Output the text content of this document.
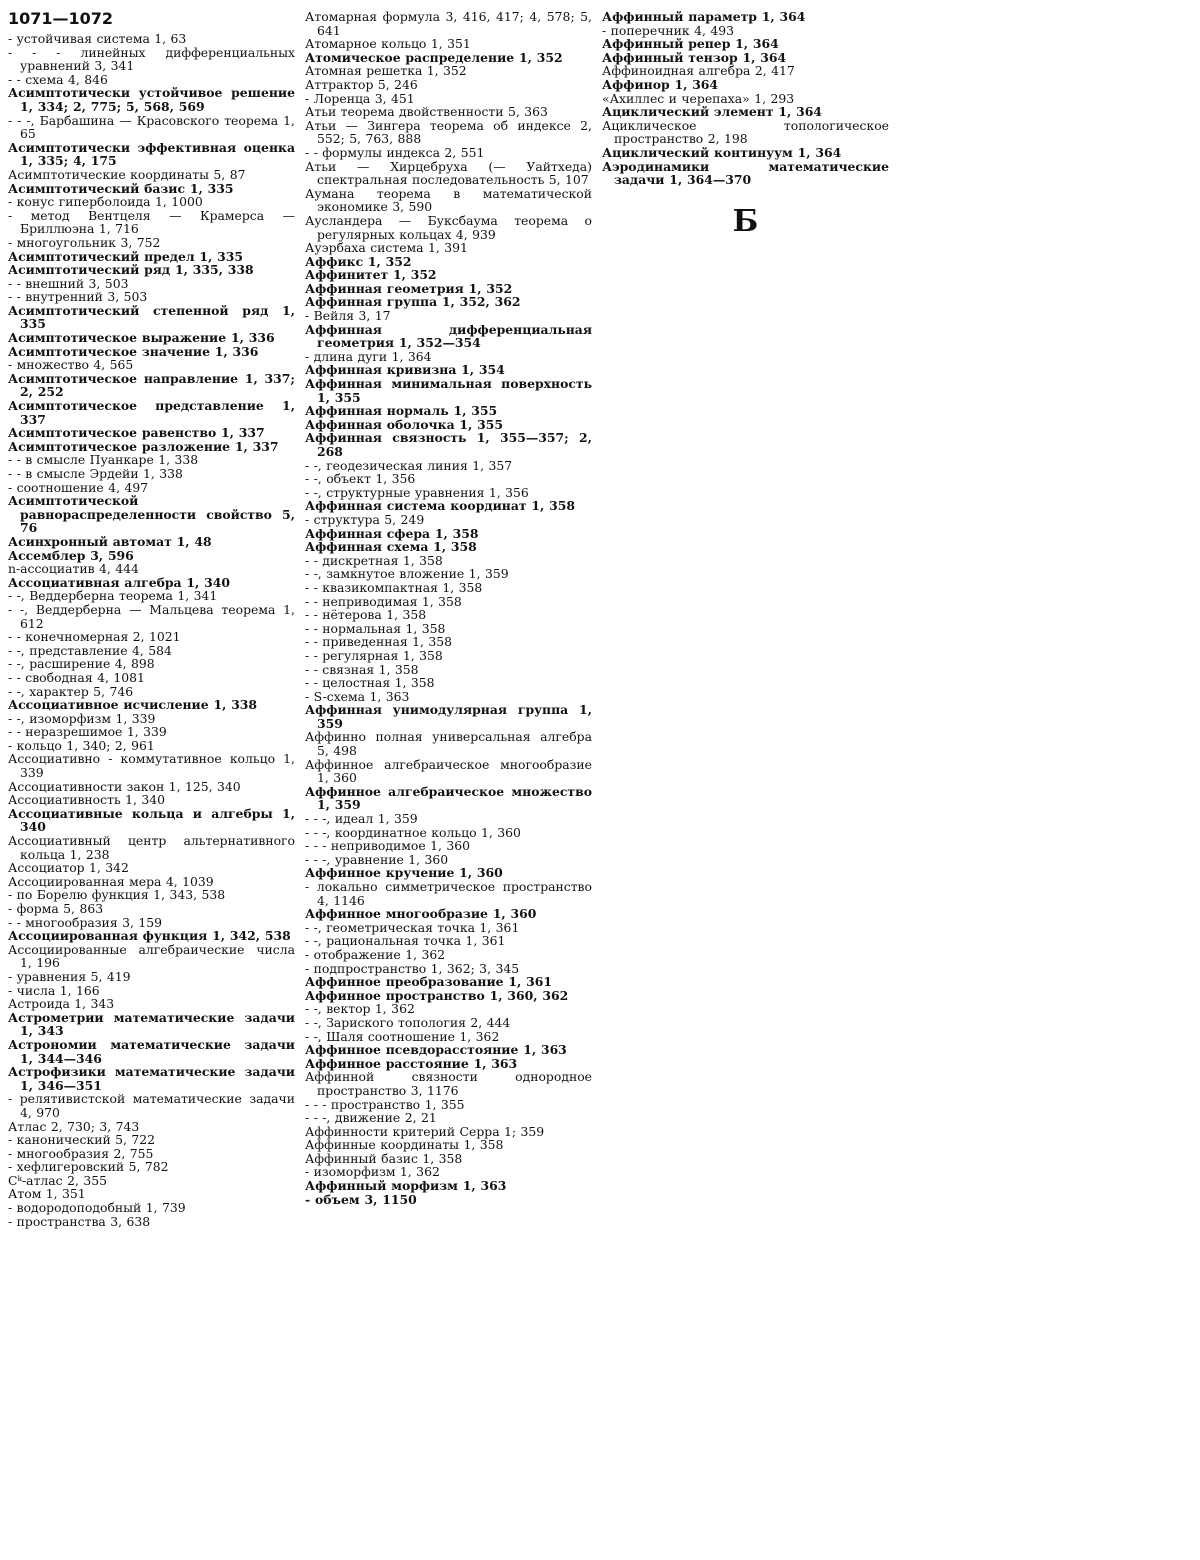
1071—1072
- устойчивая система 1, 63
- - - линейных дифференциальных уравнений 3, 341
- - схема 4, 846
Асимптотически устойчивое решение 1, 334; 2, 775; 5, 568, 569
- - -, Барбашина — Красовского теорема 1, 65
Асимптотически эффективная оценка 1, 335; 4, 175
Асимптотические координаты 5, 87
Асимптотический базис 1, 335
- конус гиперболоида 1, 1000
- метод Вентцеля — Крамерса — Бриллюэна 1, 716
- многоугольник 3, 752
Асимптотический предел 1, 335
Асимптотический ряд 1, 335, 338
- - внешний 3, 503
- - внутренний 3, 503
Асимптотический степенной ряд 1, 335
Асимптотическое выражение 1, 336
Асимптотическое значение 1, 336
- множество 4, 565
Асимптотическое направление 1, 337; 2, 252
Асимптотическое представление 1, 337
Асимптотическое равенство 1, 337
Асимптотическое разложение 1, 337
- - в смысле Пуанкаре 1, 338
- - в смысле Эрдейи 1, 338
- соотношение 4, 497
Асимптотической равнораспределенности свойство 5, 76
Асинхронный автомат 1, 48
Ассемблер 3, 596
n-ассоциатив 4, 444
Ассоциативная алгебра 1, 340
- -, Веддерберна теорема 1, 341
- -, Веддерберна — Мальцева теорема 1, 612
- - конечномерная 2, 1021
- -, представление 4, 584
- -, расширение 4, 898
- - свободная 4, 1081
- -, характер 5, 746
Ассоциативное исчисление 1, 338
- -, изоморфизм 1, 339
- - неразрешимое 1, 339
- кольцо 1, 340; 2, 961
Ассоциативно - коммутативное кольцо 1, 339
Ассоциативности закон 1, 125, 340
Ассоциативность 1, 340
Ассоциативные кольца и алгебры 1, 340
Ассоциативный центр альтернативного кольца 1, 238
Ассоциатор 1, 342
Ассоциированная мера 4, 1039
- по Борелю функция 1, 343, 538
- форма 5, 863
- - многообразия 3, 159
Ассоциированная функция 1, 342, 538
Ассоциированные алгебраические числа 1, 196
- уравнения 5, 419
- числа 1, 166
Астроида 1, 343
Астрометрии математические задачи 1, 343
Астрономии математические задачи 1, 344—346
Астрофизики математические задачи 1, 346—351
- релятивистской математические задачи 4, 970
Атлас 2, 730; 3, 743
- канонический 5, 722
- многообразия 2, 755
- хефлигеровский 5, 782
Cᵏ-атлас 2, 355
Атом 1, 351
- водородоподобный 1, 739
- пространства 3, 638
Атомарная формула 3, 416, 417; 4, 578; 5, 641
Атомарное кольцо 1, 351
Атомическое распределение 1, 352
Атомная решетка 1, 352
Аттрактор 5, 246
- Лоренца 3, 451
Атьи теорема двойственности 5, 363
Атьи — Зингера теорема об индексе 2, 552; 5, 763, 888
- - формулы индекса 2, 551
Атьи — Хирцебруха (— Уайтхеда) спектральная последовательность 5, 107
Аумана теорема в математической экономике 3, 590
Аусландера — Буксбаума теорема о регулярных кольцах 4, 939
Ауэрбаха система 1, 391
Аффикс 1, 352
Аффинитет 1, 352
Аффинная геометрия 1, 352
Аффинная группа 1, 352, 362
- Вейля 3, 17
Аффинная дифференциальная геометрия 1, 352—354
- длина дуги 1, 364
Аффинная кривизна 1, 354
Аффинная минимальная поверхность 1, 355
Аффинная нормаль 1, 355
Аффинная оболочка 1, 355
Аффинная связность 1, 355—357; 2, 268
- -, геодезическая линия 1, 357
- -, объект 1, 356
- -, структурные уравнения 1, 356
Аффинная система координат 1, 358
- структура 5, 249
Аффинная сфера 1, 358
Аффинная схема 1, 358
- - дискретная 1, 358
- -, замкнутое вложение 1, 359
- - квазикомпактная 1, 358
- - неприводимая 1, 358
- - нётерова 1, 358
- - нормальная 1, 358
- - приведенная 1, 358
- - регулярная 1, 358
- - связная 1, 358
- - целостная 1, 358
- S-схема 1, 363
Аффинная унимодулярная группа 1, 359
Аффинно полная универсальная алгебра 5, 498
Аффинное алгебраическое многообразие 1, 360
Аффинное алгебраическое множество 1, 359
- - -, идеал 1, 359
- - -, координатное кольцо 1, 360
- - - неприводимое 1, 360
- - -, уравнение 1, 360
Аффинное кручение 1, 360
- локально симметрическое пространство 4, 1146
Аффинное многообразие 1, 360
- -, геометрическая точка 1, 361
- -, рациональная точка 1, 361
- отображение 1, 362
- подпространство 1, 362; 3, 345
Аффинное преобразование 1, 361
Аффинное пространство 1, 360, 362
- -, вектор 1, 362
- -, Зариского топология 2, 444
- -, Шаля соотношение 1, 362
Аффинное псевдорасстояние 1, 363
Аффинное расстояние 1, 363
Аффинной связности однородное пространство 3, 1176
- - - пространство 1, 355
- - -, движение 2, 21
Аффинности критерий Серра 1; 359
Аффинные координаты 1, 358
Аффинный базис 1, 358
- изоморфизм 1, 362
Аффинный морфизм 1, 363
- объем 3, 1150
Аффинный параметр 1, 364
- поперечник 4, 493
Аффинный репер 1, 364
Аффинный тензор 1, 364
Аффиноидная алгебра 2, 417
Аффинор 1, 364
«Ахиллес и черепаха» 1, 293
Ациклический элемент 1, 364
Ациклическое топологическое пространство 2, 198
Ациклический континуум 1, 364
Аэродинамики математические задачи 1, 364—370
Б
